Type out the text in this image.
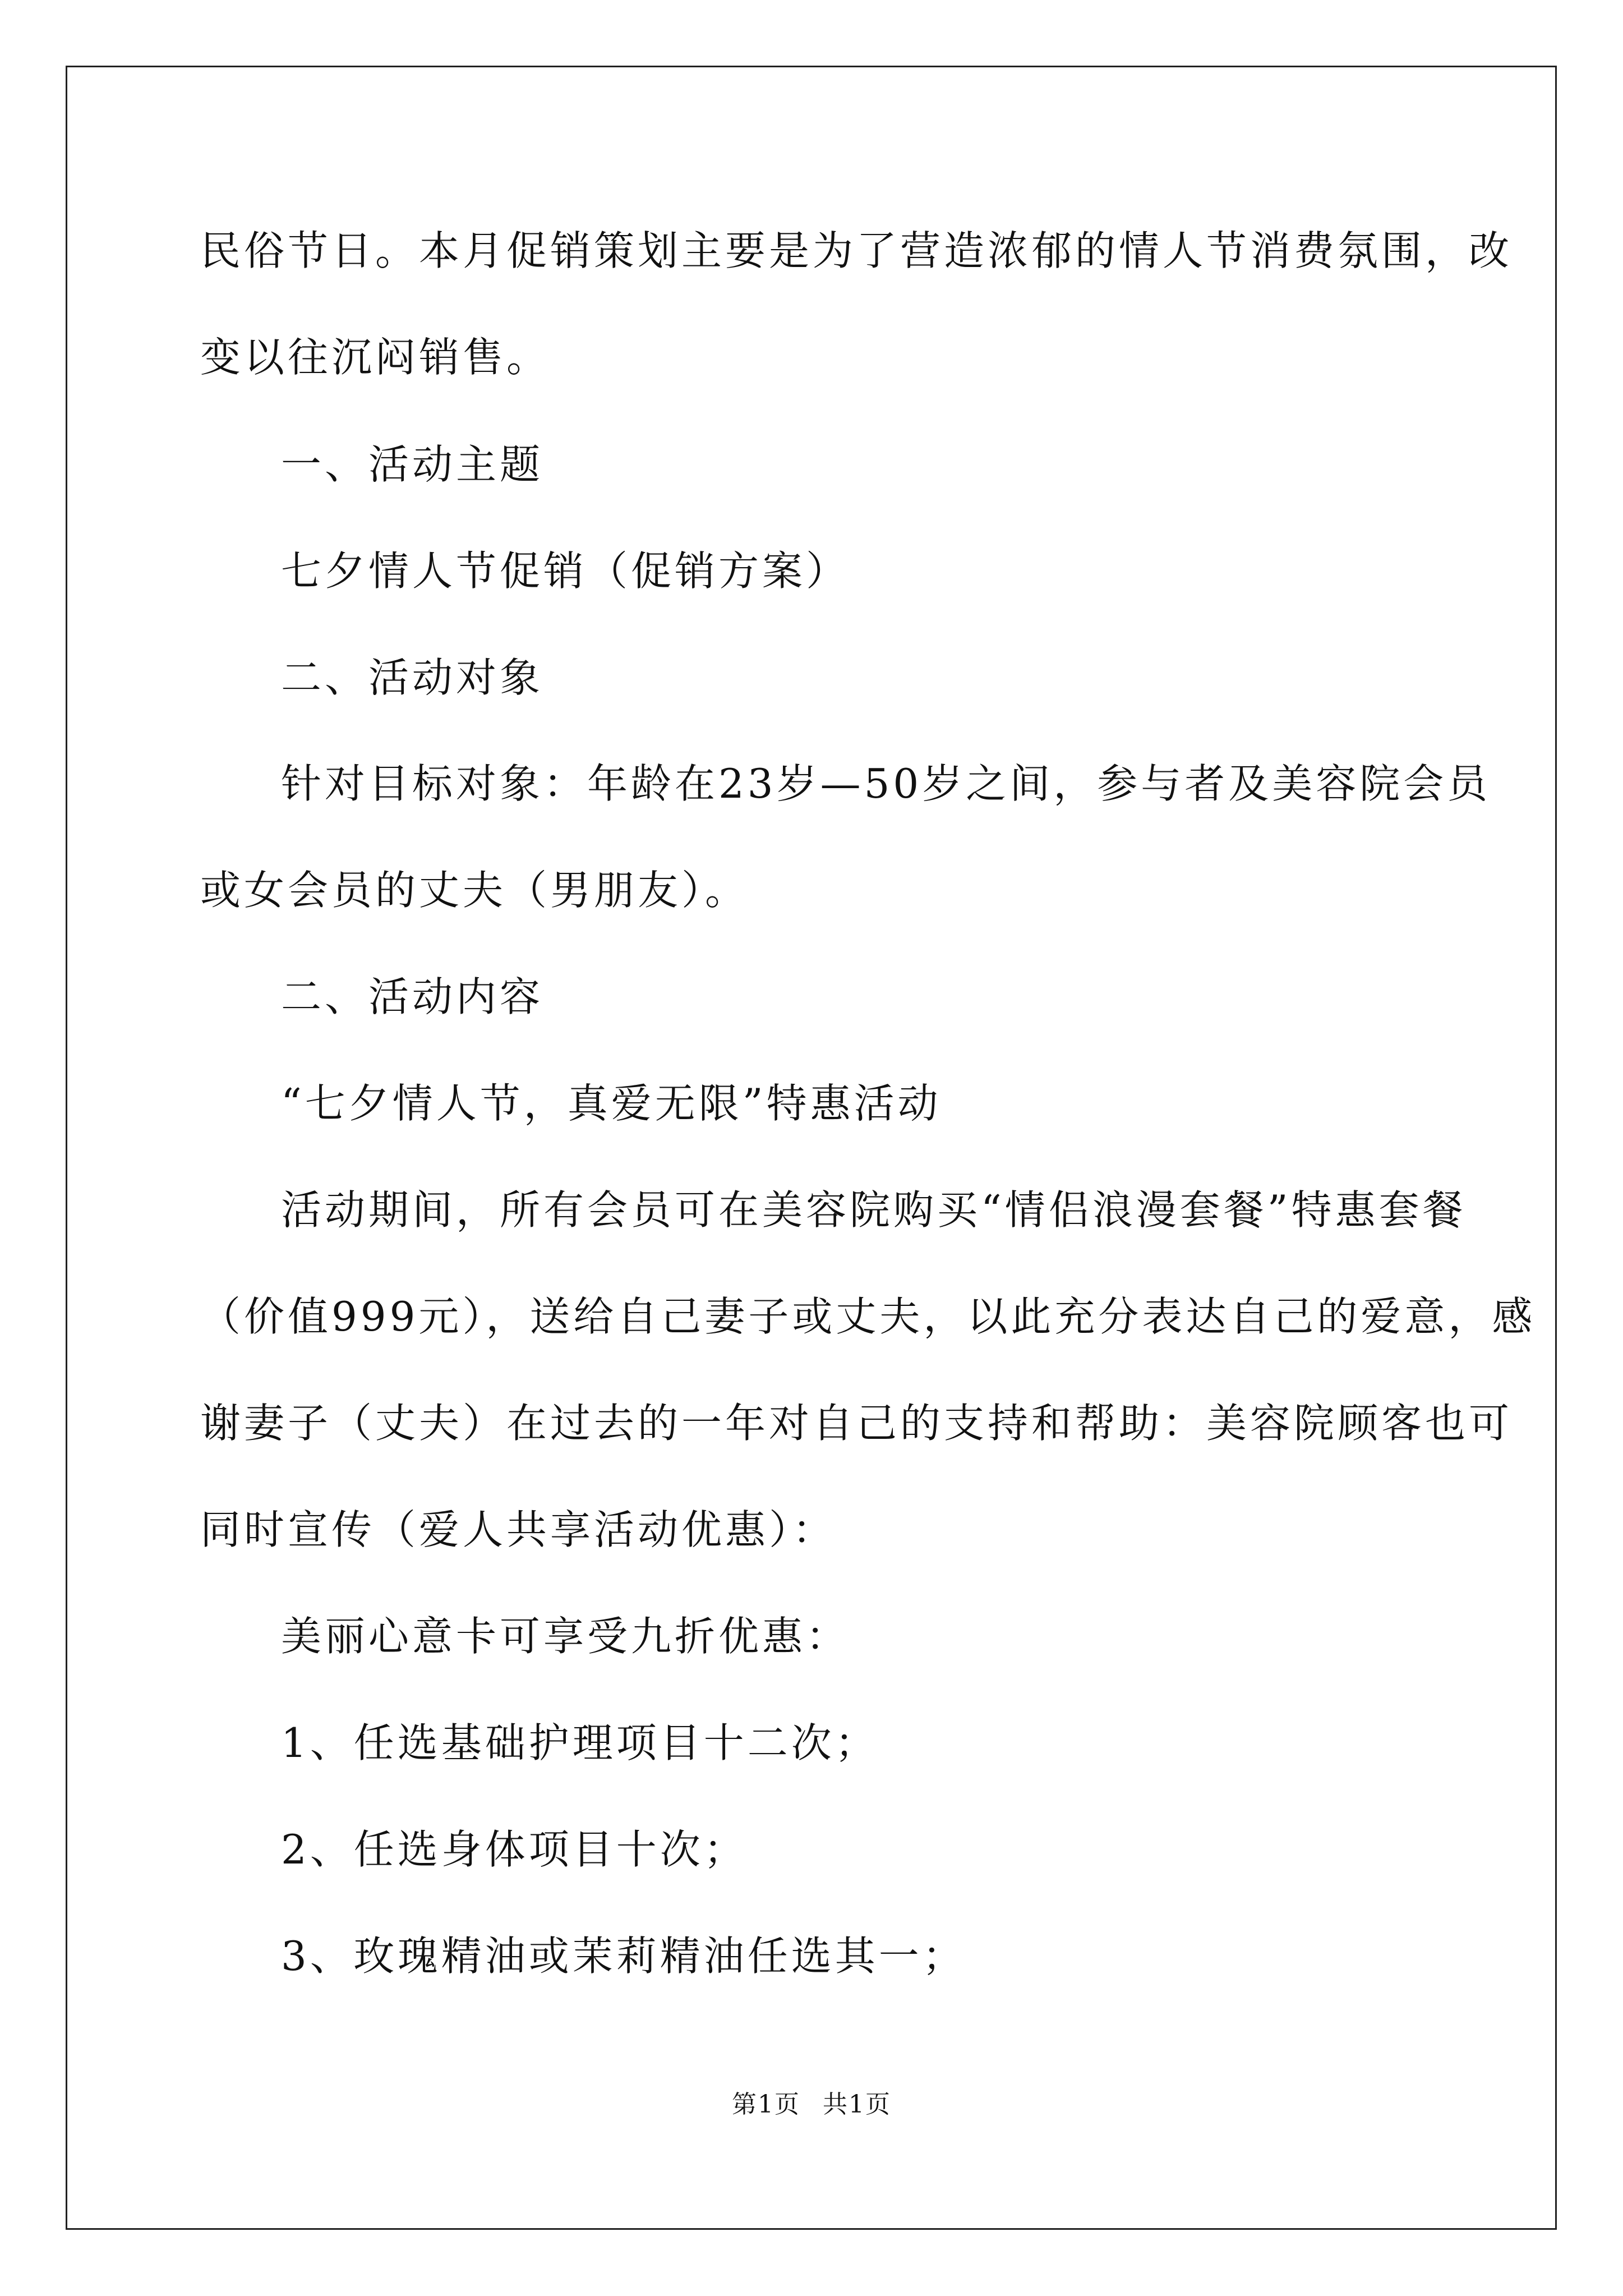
民俗节日。本月促销策划主要是为了营造浓郁的情人节消费氛围，改
变以往沉闷销售。
一、活动主题
七夕情人节促销（促销方案）
二、活动对象
针对目标对象：年龄在23岁—50岁之间，参与者及美容院会员
或女会员的丈夫（男朋友）。
二、活动内容
“七夕情人节，真爱无限”特惠活动
活动期间，所有会员可在美容院购买“情侣浪漫套餐”特惠套餐
（价值999元），送给自己妻子或丈夫，以此充分表达自己的爱意，感
谢妻子（丈夫）在过去的一年对自己的支持和帮助：美容院顾客也可
同时宣传（爱人共享活动优惠）：
美丽心意卡可享受九折优惠：
1、任选基础护理项目十二次；
2、任选身体项目十次；
3、玫瑰精油或茉莉精油任选其一；
第1页 共1页
